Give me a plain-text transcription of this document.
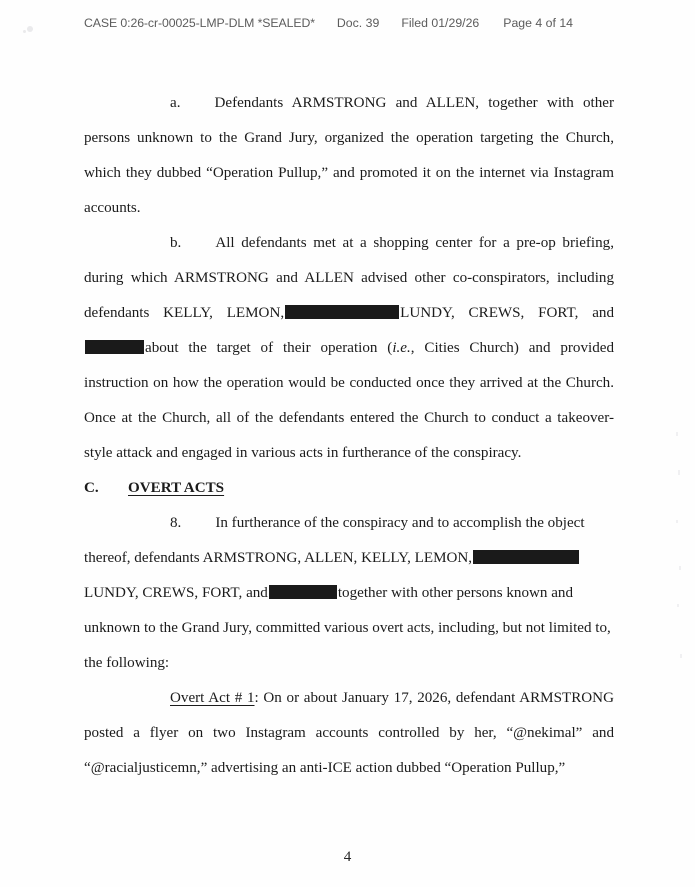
CASE 0:26-cr-00025-LMP-DLM *SEALED* Doc. 39 Filed 01/29/26 Page 4 of 14

a. Defendants ARMSTRONG and ALLEN, together with other persons unknown to the Grand Jury, organized the operation targeting the Church, which they dubbed “Operation Pullup,” and promoted it on the internet via Instagram accounts.

b. All defendants met at a shopping center for a pre-op briefing, during which ARMSTRONG and ALLEN advised other co-conspirators, including defendants KELLY, LEMON,	LUNDY, CREWS, FORT, andabout the target of their operation (i.e., Cities Church) and provided instruction on how the operation would be conducted once they arrived at the Church. Once at the Church, all of the defendants entered the Church to conduct a takeover-style attack and engaged in various acts in furtherance of the conspiracy.

C. OVERT ACTS

8. In furtherance of the conspiracy and to accomplish the object thereof, defendants ARMSTRONG, ALLEN, KELLY, LEMON,LUNDY, CREWS, FORT, and	together with other persons known and unknown to the Grand Jury, committed various overt acts, including, but not limited to, the following:

Overt Act # 1: On or about January 17, 2026, defendant ARMSTRONG posted a flyer on two Instagram accounts controlled by her, “@nekimal” and “@racialjusticemn,” advertising an anti-ICE action dubbed “Operation Pullup,”

4
